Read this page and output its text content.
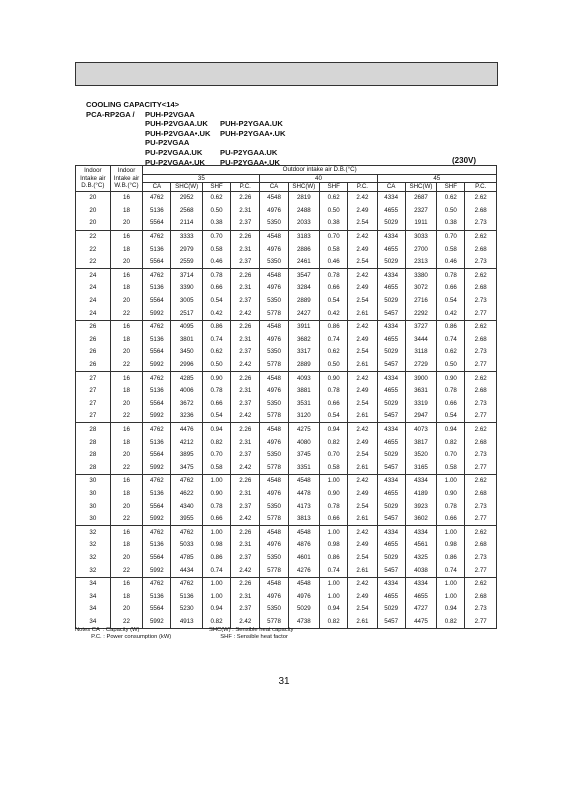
COOLING CAPACITY<14>
PCA-RP2GA / PUH-P2VGAA
PUH-P2VGAA.UK PUH-P2YGAA.UK
PUH-P2VGAA•.UK PUH-P2YGAA•.UK
PU-P2VGAA
PU-P2VGAA.UK PU-P2YGAA.UK
PU-P2VGAA•.UK PU-P2YGAA•.UK	(230V)
Indoor Intake air D.B.(°C)	Indoor Intake air W.B.(°C)	Outdoor intake air D.B.(°C)											
		35				40				45			
		CA	SHC(W)	SHF	P.C.	CA	SHC(W)	SHF	P.C.	CA	SHC(W)	SHF	P.C.
20	16	4762	2952	0.62	2.26	4548	2819	0.62	2.42	4334	2687	0.62	2.62
20	18	5136	2568	0.50	2.31	4976	2488	0.50	2.49	4655	2327	0.50	2.68
20	20	5564	2114	0.38	2.37	5350	2033	0.38	2.54	5029	1911	0.38	2.73
22	16	4762	3333	0.70	2.26	4548	3183	0.70	2.42	4334	3033	0.70	2.62
22	18	5136	2979	0.58	2.31	4976	2886	0.58	2.49	4655	2700	0.58	2.68
22	20	5564	2559	0.46	2.37	5350	2461	0.46	2.54	5029	2313	0.46	2.73
24	16	4762	3714	0.78	2.26	4548	3547	0.78	2.42	4334	3380	0.78	2.62
24	18	5136	3390	0.66	2.31	4976	3284	0.66	2.49	4655	3072	0.66	2.68
24	20	5564	3005	0.54	2.37	5350	2889	0.54	2.54	5029	2716	0.54	2.73
24	22	5992	2517	0.42	2.42	5778	2427	0.42	2.61	5457	2292	0.42	2.77
26	16	4762	4095	0.86	2.26	4548	3911	0.86	2.42	4334	3727	0.86	2.62
26	18	5136	3801	0.74	2.31	4976	3682	0.74	2.49	4655	3444	0.74	2.68
26	20	5564	3450	0.62	2.37	5350	3317	0.62	2.54	5029	3118	0.62	2.73
26	22	5992	2996	0.50	2.42	5778	2889	0.50	2.61	5457	2729	0.50	2.77
27	16	4762	4285	0.90	2.26	4548	4093	0.90	2.42	4334	3900	0.90	2.62
27	18	5136	4006	0.78	2.31	4976	3881	0.78	2.49	4655	3631	0.78	2.68
27	20	5564	3672	0.66	2.37	5350	3531	0.66	2.54	5029	3319	0.66	2.73
27	22	5992	3236	0.54	2.42	5778	3120	0.54	2.61	5457	2947	0.54	2.77
28	16	4762	4476	0.94	2.26	4548	4275	0.94	2.42	4334	4073	0.94	2.62
28	18	5136	4212	0.82	2.31	4976	4080	0.82	2.49	4655	3817	0.82	2.68
28	20	5564	3895	0.70	2.37	5350	3745	0.70	2.54	5029	3520	0.70	2.73
28	22	5992	3475	0.58	2.42	5778	3351	0.58	2.61	5457	3165	0.58	2.77
30	16	4762	4762	1.00	2.26	4548	4548	1.00	2.42	4334	4334	1.00	2.62
30	18	5136	4622	0.90	2.31	4976	4478	0.90	2.49	4655	4189	0.90	2.68
30	20	5564	4340	0.78	2.37	5350	4173	0.78	2.54	5029	3923	0.78	2.73
30	22	5992	3955	0.66	2.42	5778	3813	0.66	2.61	5457	3602	0.66	2.77
32	16	4762	4762	1.00	2.26	4548	4548	1.00	2.42	4334	4334	1.00	2.62
32	18	5136	5033	0.98	2.31	4976	4876	0.98	2.49	4655	4561	0.98	2.68
32	20	5564	4785	0.86	2.37	5350	4601	0.86	2.54	5029	4325	0.86	2.73
32	22	5992	4434	0.74	2.42	5778	4276	0.74	2.61	5457	4038	0.74	2.77
34	16	4762	4762	1.00	2.26	4548	4548	1.00	2.42	4334	4334	1.00	2.62
34	18	5136	5136	1.00	2.31	4976	4976	1.00	2.49	4655	4655	1.00	2.68
34	20	5564	5230	0.94	2.37	5350	5029	0.94	2.54	5029	4727	0.94	2.73
34	22	5992	4913	0.82	2.42	5778	4738	0.82	2.61	5457	4475	0.82	2.77
Notes CA  : Capacity (W)	SHC(W) : Sensible heat capacity
P.C. : Power consumption (kW)	SHF : Sensible heat factor
31
